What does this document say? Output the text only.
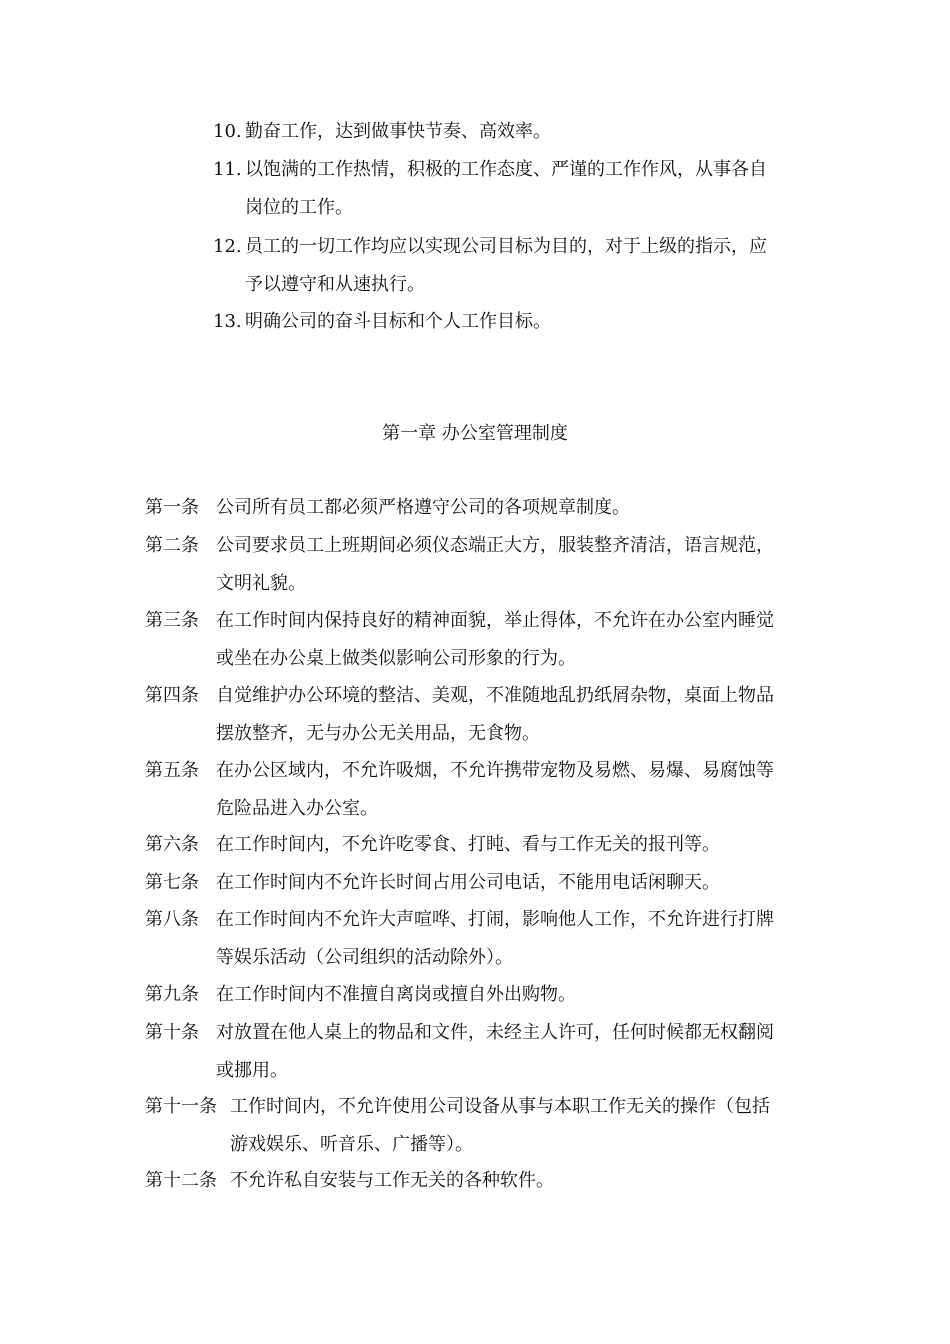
10. 勤奋工作，达到做事快节奏、高效率。
11. 以饱满的工作热情，积极的工作态度、严谨的工作作风，从事各自
岗位的工作。
12. 员工的一切工作均应以实现公司目标为目的，对于上级的指示，应
予以遵守和从速执行。
13. 明确公司的奋斗目标和个人工作目标。
第一章 办公室管理制度
第一条 公司所有员工都必须严格遵守公司的各项规章制度。
第二条 公司要求员工上班期间必须仪态端正大方，服装整齐清洁，语言规范，
文明礼貌。
第三条 在工作时间内保持良好的精神面貌，举止得体，不允许在办公室内睡觉
或坐在办公桌上做类似影响公司形象的行为。
第四条 自觉维护办公环境的整洁、美观，不准随地乱扔纸屑杂物，桌面上物品
摆放整齐，无与办公无关用品，无食物。
第五条 在办公区域内，不允许吸烟，不允许携带宠物及易燃、易爆、易腐蚀等
危险品进入办公室。
第六条 在工作时间内，不允许吃零食、打盹、看与工作无关的报刊等。
第七条 在工作时间内不允许长时间占用公司电话，不能用电话闲聊天。
第八条 在工作时间内不允许大声喧哗、打闹，影响他人工作，不允许进行打牌
等娱乐活动（公司组织的活动除外）。
第九条 在工作时间内不准擅自离岗或擅自外出购物。
第十条 对放置在他人桌上的物品和文件，未经主人许可，任何时候都无权翻阅
或挪用。
第十一条 工作时间内，不允许使用公司设备从事与本职工作无关的操作（包括
游戏娱乐、听音乐、广播等）。
第十二条 不允许私自安装与工作无关的各种软件。
